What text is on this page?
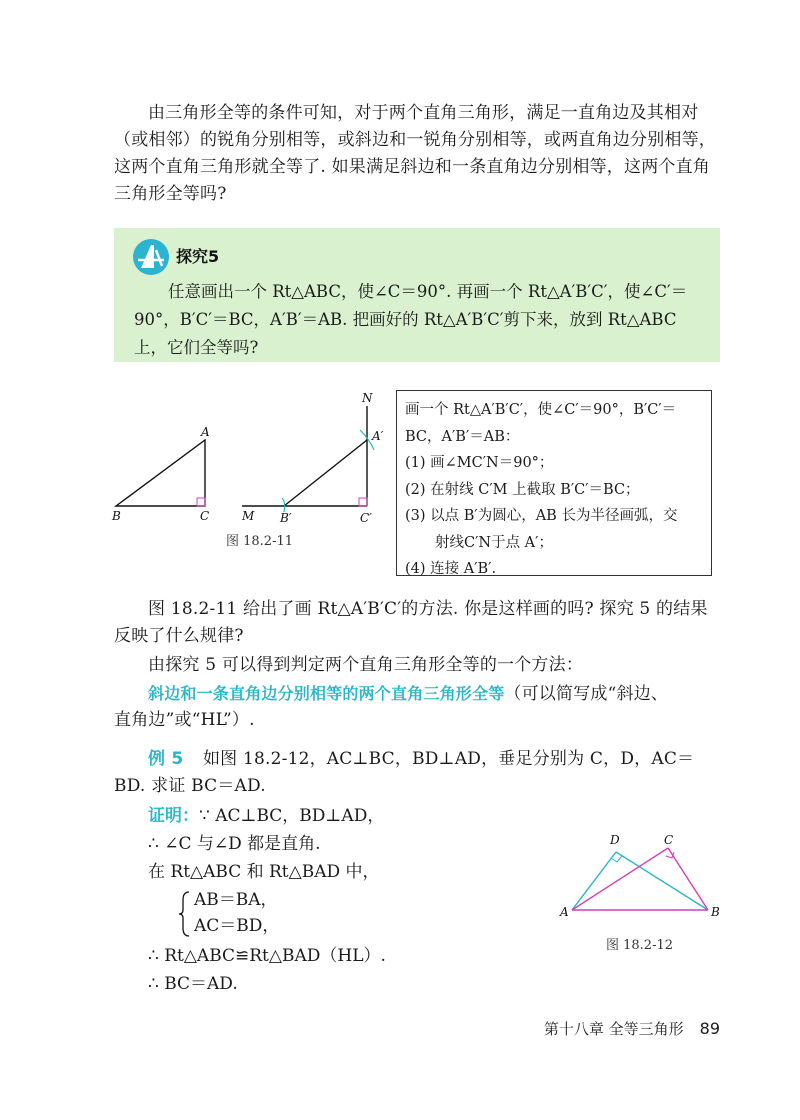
由三角形全等的条件可知，对于两个直角三角形，满足一直角边及其相对（或相邻）的锐角分别相等，或斜边和一锐角分别相等，或两直角边分别相等，这两个直角三角形就全等了. 如果满足斜边和一条直角边分别相等，这两个直角三角形全等吗?
探究5
任意画出一个 Rt△ABC，使∠C＝90°. 再画一个 Rt△A′B′C′，使∠C′＝90°，B′C′＝BC，A′B′＝AB. 把画好的 Rt△A′B′C′剪下来，放到 Rt△ABC上，它们全等吗?
A
B	C
N
A′
M B′	C′
图 18.2-11
画一个 Rt△A′B′C′，使∠C′＝90°，B′C′＝
BC，A′B′＝AB：
(1) 画∠MC′N＝90°；
(2) 在射线 C′M 上截取 B′C′＝BC；
(3) 以点 B′为圆心，AB 长为半径画弧，交
射线C′N于点 A′；
(4) 连接 A′B′.
图 18.2-11 给出了画 Rt△A′B′C′的方法. 你是这样画的吗? 探究 5 的结果反映了什么规律?
由探究 5 可以得到判定两个直角三角形全等的一个方法：
斜边和一条直角边分别相等的两个直角三角形全等（可以简写成“斜边、
直角边”或“HL”）.
例 5 如图 18.2-12，AC⊥BC，BD⊥AD，垂足分别为 C，D，AC＝
BD. 求证 BC＝AD.
证明：∵ AC⊥BC，BD⊥AD，
∴ ∠C 与∠D 都是直角.
在 Rt△ABC 和 Rt△BAD 中，
AB＝BA，
AC＝BD，
∴ Rt△ABC≌Rt△BAD（HL）.
∴ BC＝AD.
A	B
C
D
图 18.2-12
第十八章 全等三角形 89
